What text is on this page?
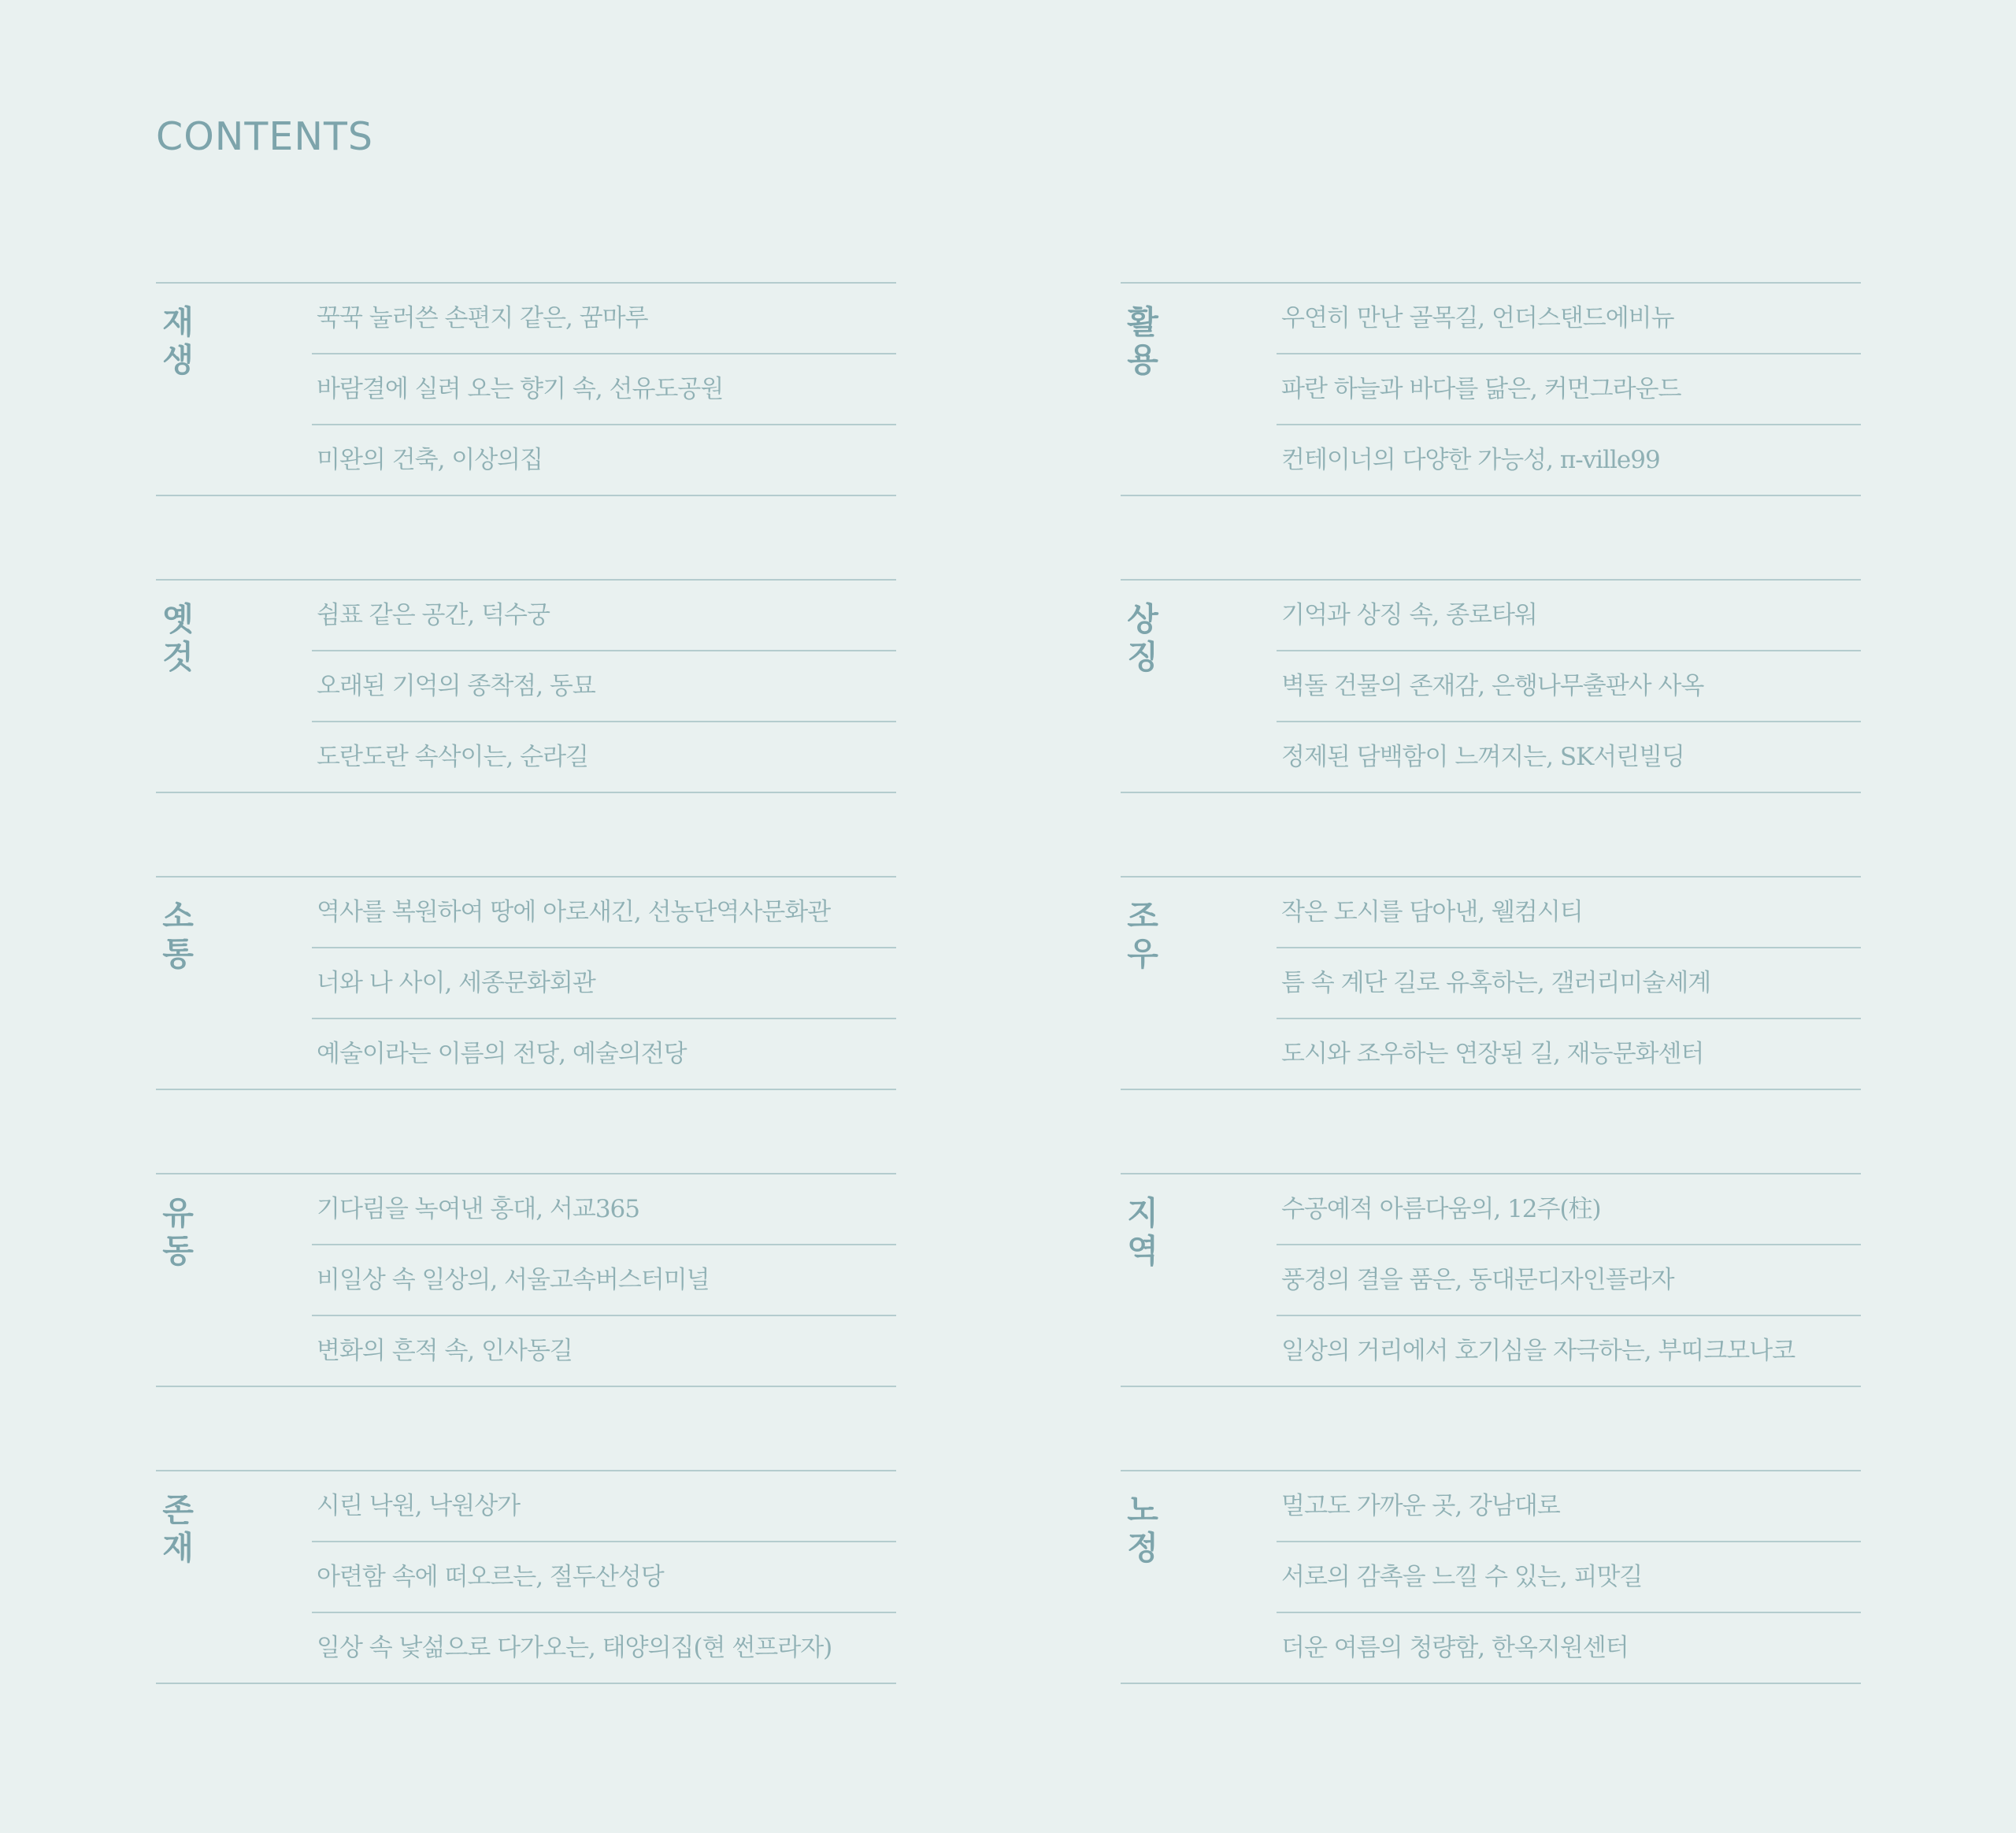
CONTENTS
재생
꾹꾹 눌러쓴 손편지 같은, 꿈마루
바람결에 실려 오는 향기 속, 선유도공원
미완의 건축, 이상의집
옛것
쉼표 같은 공간, 덕수궁
오래된 기억의 종착점, 동묘
도란도란 속삭이는, 순라길
소통
역사를 복원하여 땅에 아로새긴, 선농단역사문화관
너와 나 사이, 세종문화회관
예술이라는 이름의 전당, 예술의전당
유동
기다림을 녹여낸 홍대, 서교365
비일상 속 일상의, 서울고속버스터미널
변화의 흔적 속, 인사동길
존재
시린 낙원, 낙원상가
아련함 속에 떠오르는, 절두산성당
일상 속 낯섦으로 다가오는, 태양의집(현 썬프라자)
활용
우연히 만난 골목길, 언더스탠드에비뉴
파란 하늘과 바다를 닮은, 커먼그라운드
컨테이너의 다양한 가능성, π-ville99
상징
기억과 상징 속, 종로타워
벽돌 건물의 존재감, 은행나무출판사 사옥
정제된 담백함이 느껴지는, SK서린빌딩
조우
작은 도시를 담아낸, 웰컴시티
틈 속 계단 길로 유혹하는, 갤러리미술세계
도시와 조우하는 연장된 길, 재능문화센터
지역
수공예적 아름다움의, 12주(柱)
풍경의 결을 품은, 동대문디자인플라자
일상의 거리에서 호기심을 자극하는, 부띠크모나코
노정
멀고도 가까운 곳, 강남대로
서로의 감촉을 느낄 수 있는, 피맛길
더운 여름의 청량함, 한옥지원센터
